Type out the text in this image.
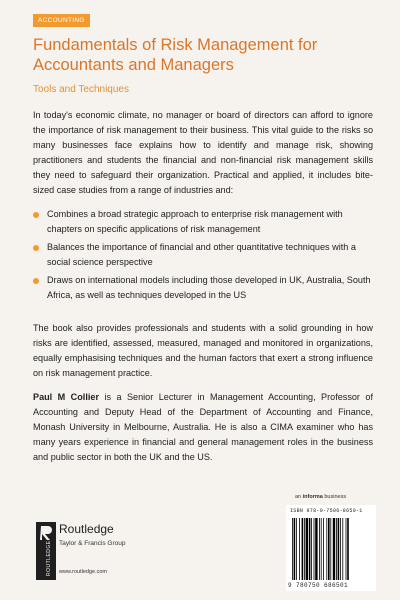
ACCOUNTING
Fundamentals of Risk Management for Accountants and Managers

Tools and Techniques

In today's economic climate, no manager or board of directors can afford to ignore the importance of risk management to their business. This vital guide to the risks so many businesses face explains how to identify and manage risk, showing practitioners and students the financial and non-financial risk management skills they need to safeguard their organization. Practical and applied, it includes bite-sized case studies from a range of industries and:

Combines a broad strategic approach to enterprise risk management with chapters on specific applications of risk management
Balances the importance of financial and other quantitative techniques with a social science perspective
Draws on international models including those developed in UK, Australia, South Africa, as well as techniques developed in the US

The book also provides professionals and students with a solid grounding in how risks are identified, assessed, measured, managed and monitored in organizations, equally emphasising techniques and the human factors that exert a strong influence on risk management practice.

Paul M Collier is a Senior Lecturer in Management Accounting, Professor of Accounting and Deputy Head of the Department of Accounting and Finance, Monash University in Melbourne, Australia. He is also a CIMA examiner who has many years experience in financial and general management roles in the business and public sector in both the UK and the US.

an informa business
ISBN 978-0-7506-8650-1
9 780750 686501
ROUTLEDGE
Routledge
Taylor & Francis Group
www.routledge.com
